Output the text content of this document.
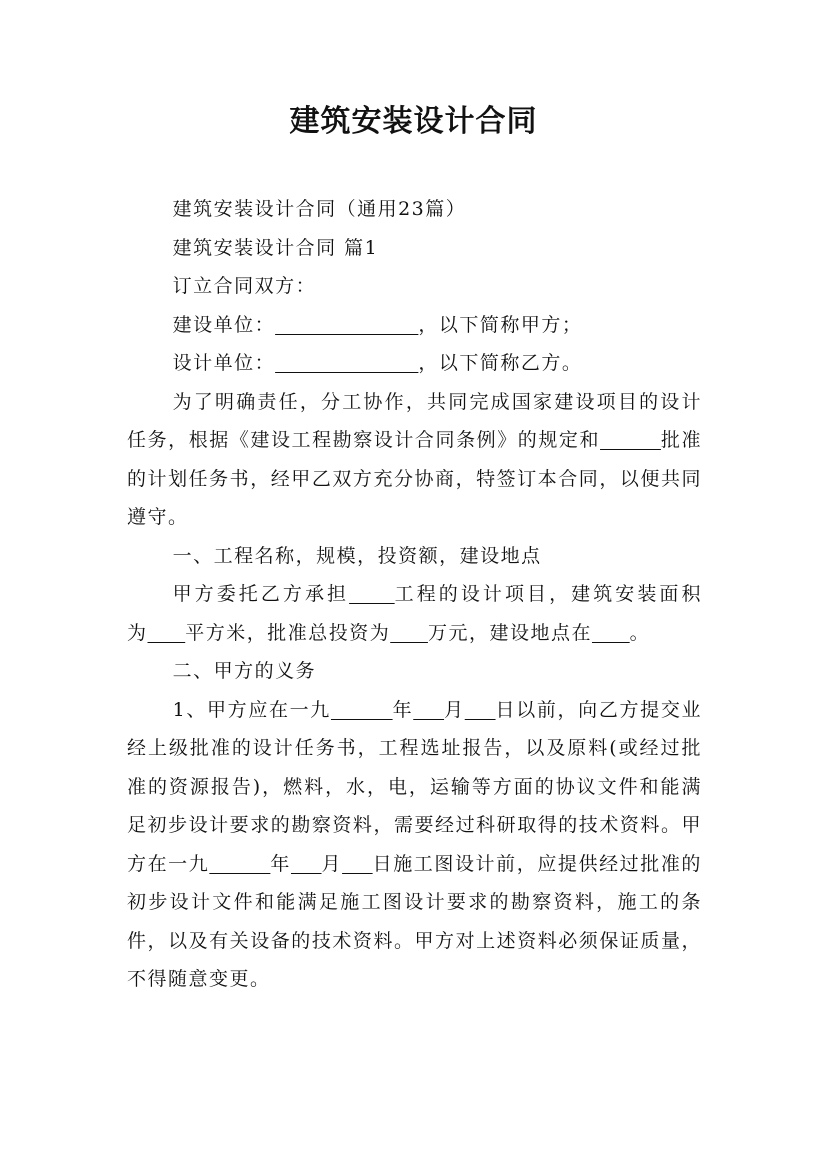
建筑安装设计合同

建筑安装设计合同（通用23篇）

建筑安装设计合同 篇1

订立合同双方：

建设单位：	，以下简称甲方；

设计单位：	，以下简称乙方。

为了明确责任，分工协作，共同完成国家建设项目的设计任务，根据《建设工程勘察设计合同条例》的规定和	批准的计划任务书，经甲乙双方充分协商，特签订本合同，以便共同遵守。

一、工程名称，规模，投资额，建设地点

甲方委托乙方承担 工程的设计项目，建筑安装面积为 平方米，批准总投资为 万元，建设地点在 。

二、甲方的义务

1、甲方应在一九	年 月 日以前，向乙方提交业经上级批准的设计任务书，工程选址报告，以及原料(或经过批准的资源报告)，燃料，水，电，运输等方面的协议文件和能满足初步设计要求的勘察资料，需要经过科研取得的技术资料。甲方在一九	年 月 日施工图设计前，应提供经过批准的初步设计文件和能满足施工图设计要求的勘察资料，施工的条件，以及有关设备的技术资料。甲方对上述资料必须保证质量，不得随意变更。
